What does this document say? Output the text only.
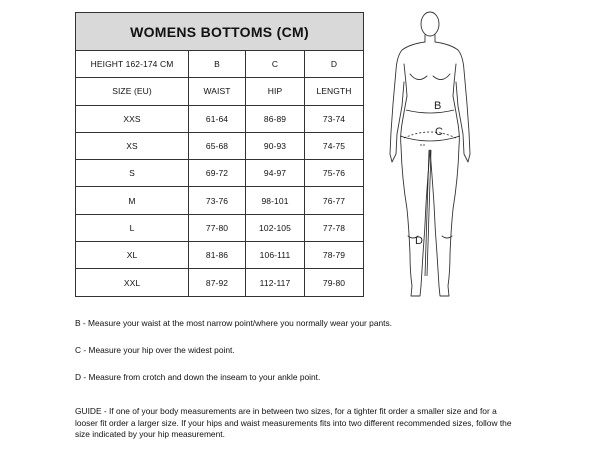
WOMENS BOTTOMS (CM)			
HEIGHT 162-174 CM	B	C	D
SIZE (EU)	WAIST	HIP	LENGTH
XXS	61-64	86-89	73-74
XS	65-68	90-93	74-75
S	69-72	94-97	75-76
M	73-76	98-101	76-77
L	77-80	102-105	77-78
XL	81-86	106-111	78-79
XXL	87-92	112-117	79-80
B
C
D

B - Measure your waist at the most narrow point/where you normally wear your pants.

C - Measure your hip over the widest point.

D - Measure from crotch and down the inseam to your ankle point.

GUIDE - If one of your body measurements are in between two sizes, for a tighter fit order a smaller size and for a looser fit order a larger size. If your hips and waist measurements fits into two different recommended sizes, follow the size indicated by your hip measurement.
